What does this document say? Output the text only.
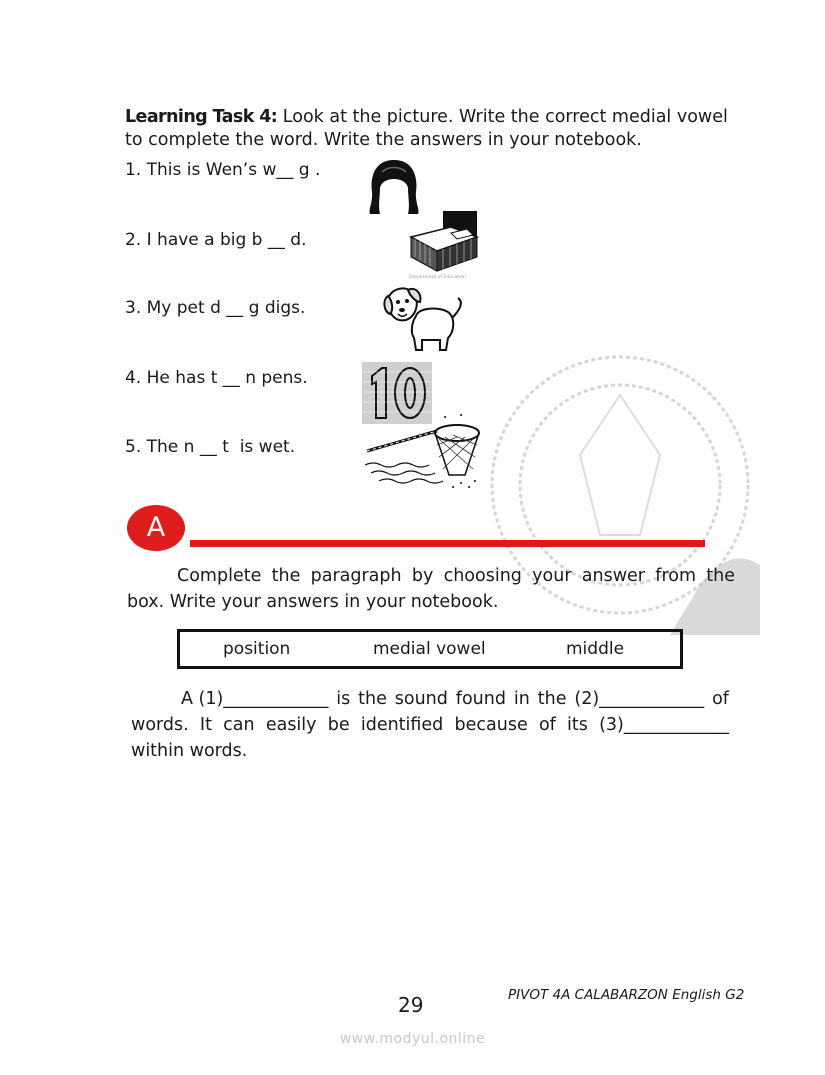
Learning Task 4: Look at the picture. Write the correct medial vowel to complete the word. Write the answers in your notebook.
1. This is Wen’s w__ g .
2. I have a big b __ d.
3. My pet d __ g digs.
4. He has t __ n pens.
5. The n __ t  is wet.
Department of Education
A
Complete the paragraph by choosing your answer from the box. Write your answers in your notebook.
position	medial vowel	middle
A (1)____________ is the sound found in the (2)____________ of
words. It can easily be identified because of its (3)____________
within words.
29	PIVOT 4A CALABARZON English G2
www.modyul.online
